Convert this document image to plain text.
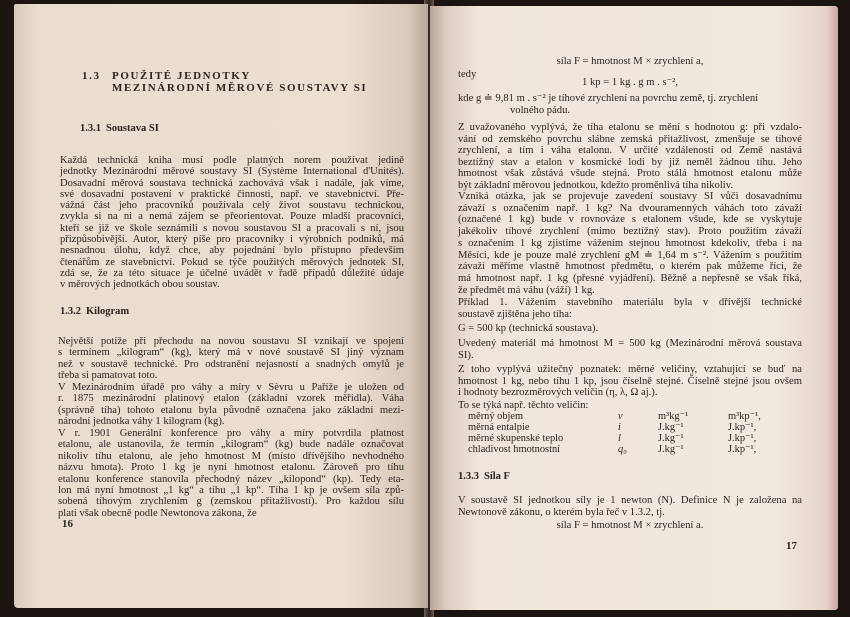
1.3 POUŽITÉ JEDNOTKY
MEZINÁRODNÍ MĚROVÉ SOUSTAVY SI
1.3.1 Soustava SI
Každá technická kniha musí podle platných norem používat jedině
jednotky Mezinárodní měrové soustavy SI (Système International d'Unités).
Dosavadní měrová soustava technická zachovává však i nadále, jak víme,
své dosavadní postavení v praktické činnosti, např. ve stavebnictví. Pře-
vážná část jeho pracovníků používala celý život soustavu technickou,
zvykla si na ni a nemá zájem se přeorientovat. Pouze mladší pracovníci,
kteří se již ve škole seznámili s novou soustavou SI a pracovali s ní, jsou
přizpůsobivější. Autor, který píše pro pracovníky i výrobních podniků, má
nesnadnou úlohu, když chce, aby pojednání bylo přístupno především
čtenářům ze stavebnictví. Pokud se týče použitých měrových jednotek SI,
zdá se, že za této situace je účelné uvádět v řadě případů důležité údaje
v měrových jednotkách obou soustav.
1.3.2 Kilogram
Největší potíže při přechodu na novou soustavu SI vznikají ve spojení
s termínem „kilogram“ (kg), který má v nové soustavě SI jiný význam
než v soustavě technické. Pro odstranění nejasností a snadných omylů je
třeba si pamatovat toto.
V Mezinárodním úřadě pro váhy a míry v Sèvru u Paříže je uložen od
r. 1875 mezinárodní platinový etalon (základní vzorek měřidla). Váha
(správně tíha) tohoto etalonu byla původně označena jako základní mezi-
národní jednotka váhy 1 kilogram (kg).
V r. 1901 Generální konference pro váhy a míry potvrdila platnost
etalonu, ale ustanovila, že termín „kilogram“ (kg) bude nadále označovat
nikoliv tíhu etalonu, ale jeho hmotnost M (místo dřívějšího nevhodného
názvu hmota). Proto 1 kg je nyní hmotnost etalonu. Zároveň pro tíhu
etalonu konference stanovila přechodný název „kilopond“ (kp). Tedy eta-
lon má nyní hmotnost „1 kg“ a tíhu „1 kp“. Tíha 1 kp je ovšem síla způ-
sobená tíhovým zrychlením g (zemskou přitažlivostí). Pro každou sílu
platí však obecně podle Newtonova zákona, že
16
síla F = hmotnost M × zrychlení a,
tedy
1 kp = 1 kg . g m . s⁻²,
kde g ≐ 9,81 m . s⁻² je tíhové zrychlení na povrchu země, tj. zrychlení
volného pádu.
Z uvažovaného vyplývá, že tíha etalonu se mění s hodnotou g: při vzdalo-
vání od zemského povrchu slábne zemská přitažlivost, zmenšuje se tíhové
zrychlení, a tím i váha etalonu. V určité vzdálenosti od Země nastává
beztížný stav a etalon v kosmické lodi by již neměl žádnou tíhu. Jeho
hmotnost však zůstává všude stejná. Proto stálá hmotnost etalonu může
být základní měrovou jednotkou, kdežto proměnlivá tíha nikoliv.
Vzniká otázka, jak se projevuje zavedení soustavy SI vůči dosavadnímu
závaží s označením např. 1 kg? Na dvouramenných váhách toto závaží
(označené 1 kg) bude v rovnováze s etalonem všude, kde se vyskytuje
jakékoliv tíhové zrychlení (mimo beztížný stav). Proto použitím závaží
s označením 1 kg zjistíme vážením stejnou hmotnost kdekoliv, třeba i na
Měsíci, kde je pouze malé zrychlení gM ≐ 1,64 m s⁻². Vážením s použitím
závaží měříme vlastně hmotnost předmětu, o kterém pak můžeme říci, že
má hmotnost např. 1 kg (přesné vyjádření). Běžně a nepřesně se však říká,
že předmět má váhu (váží) 1 kg.
Příklad 1. Vážením stavebního materiálu byla v dřívější technické
soustavě zjištěna jeho tíha:
G = 500 kp (technická soustava).
Uvedený materiál má hmotnost M = 500 kg (Mezinárodní měrová soustava
SI).
Z toho vyplývá užitečný poznatek: měrné veličiny, vztahující se buď na
hmotnost 1 kg, nebo tíhu 1 kp, jsou číselně stejné. Číselně stejné jsou ovšem
i hodnoty bezrozměrových veličin (η, λ, Ω aj.).
To se týká např. těchto veličin:
měrný objem	v	m³kg⁻¹	m³kp⁻¹,
měrná entalpie	i	J.kg⁻¹	J.kp⁻¹,
měrné skupenské teplo	l	J.kg⁻¹	J.kp⁻¹,
chladivost hmotnostní	q₀	J.kg⁻¹	J.kp⁻¹,
1.3.3 Síla F
V soustavě SI jednotkou síly je 1 newton (N). Definice N je založena na
Newtonově zákonu, o kterém byla řeč v 1.3.2, tj.
síla F = hmotnost M × zrychlení a.
17
